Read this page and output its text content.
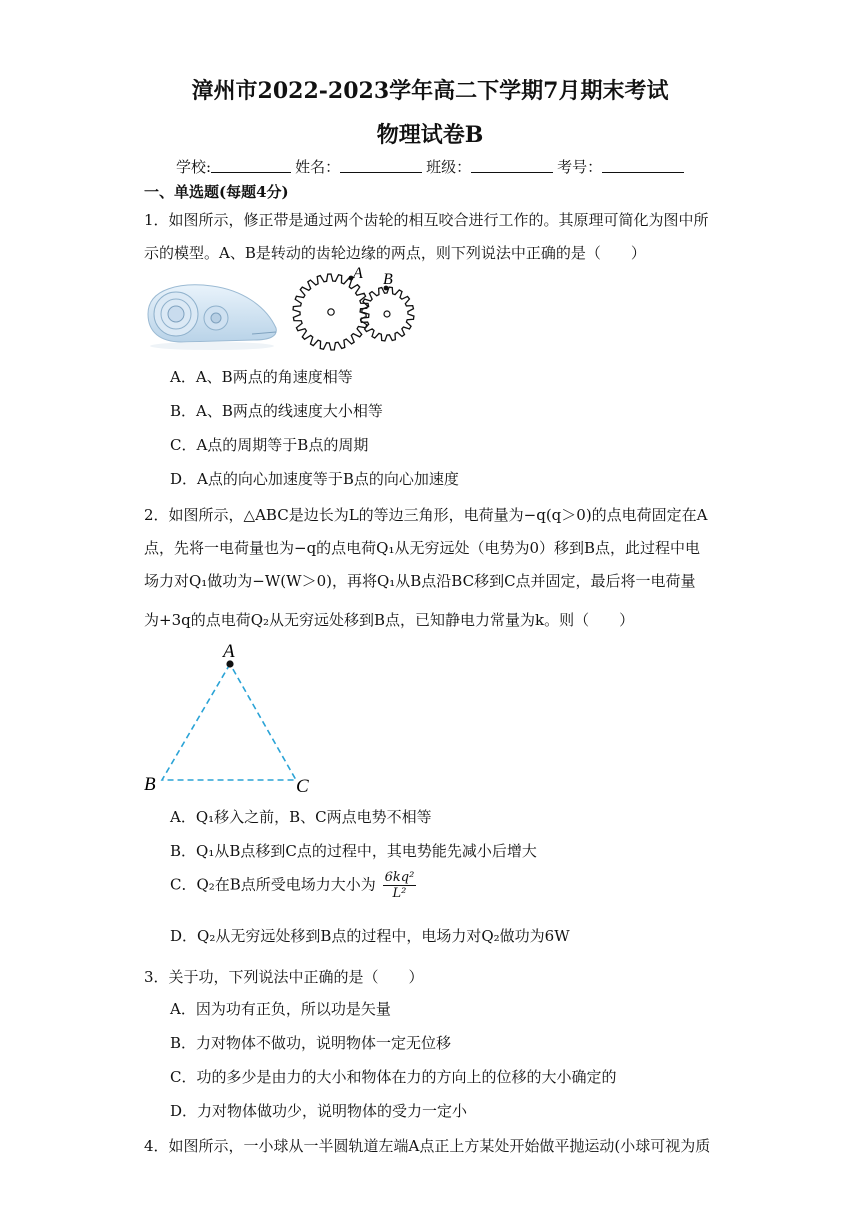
漳州市2022-2023学年高二下学期7月期末考试
物理试卷B
学校:	姓名：	班级：	考号：
一、单选题(每题4分)
1．如图所示，修正带是通过两个齿轮的相互咬合进行工作的。其原理可简化为图中所
示的模型。A、B是转动的齿轮边缘的两点，则下列说法中正确的是（　　）
A B
A．A、B两点的角速度相等
B．A、B两点的线速度大小相等
C．A点的周期等于B点的周期
D．A点的向心加速度等于B点的向心加速度
2．如图所示，△ABC是边长为L的等边三角形，电荷量为−q(q＞0)的点电荷固定在A
点，先将一电荷量也为−q的点电荷Q₁从无穷远处（电势为0）移到B点，此过程中电
场力对Q₁做功为−W(W＞0)，再将Q₁从B点沿BC移到C点并固定，最后将一电荷量
为+3q的点电荷Q₂从无穷远处移到B点，已知静电力常量为k。则（　　）
A
B	C
A．Q₁移入之前，B、C两点电势不相等
B．Q₁从B点移到C点的过程中，其电势能先减小后增大
C．Q₂在B点所受电场力大小为 $\frac{\text{6kq²}}{\text{L²}}$
D．Q₂从无穷远处移到B点的过程中，电场力对Q₂做功为6W
3．关于功，下列说法中正确的是（　　）
A．因为功有正负，所以功是矢量
B．力对物体不做功，说明物体一定无位移
C．功的多少是由力的大小和物体在力的方向上的位移的大小确定的
D．力对物体做功少，说明物体的受力一定小
4．如图所示，一小球从一半圆轨道左端A点正上方某处开始做平抛运动(小球可视为质
